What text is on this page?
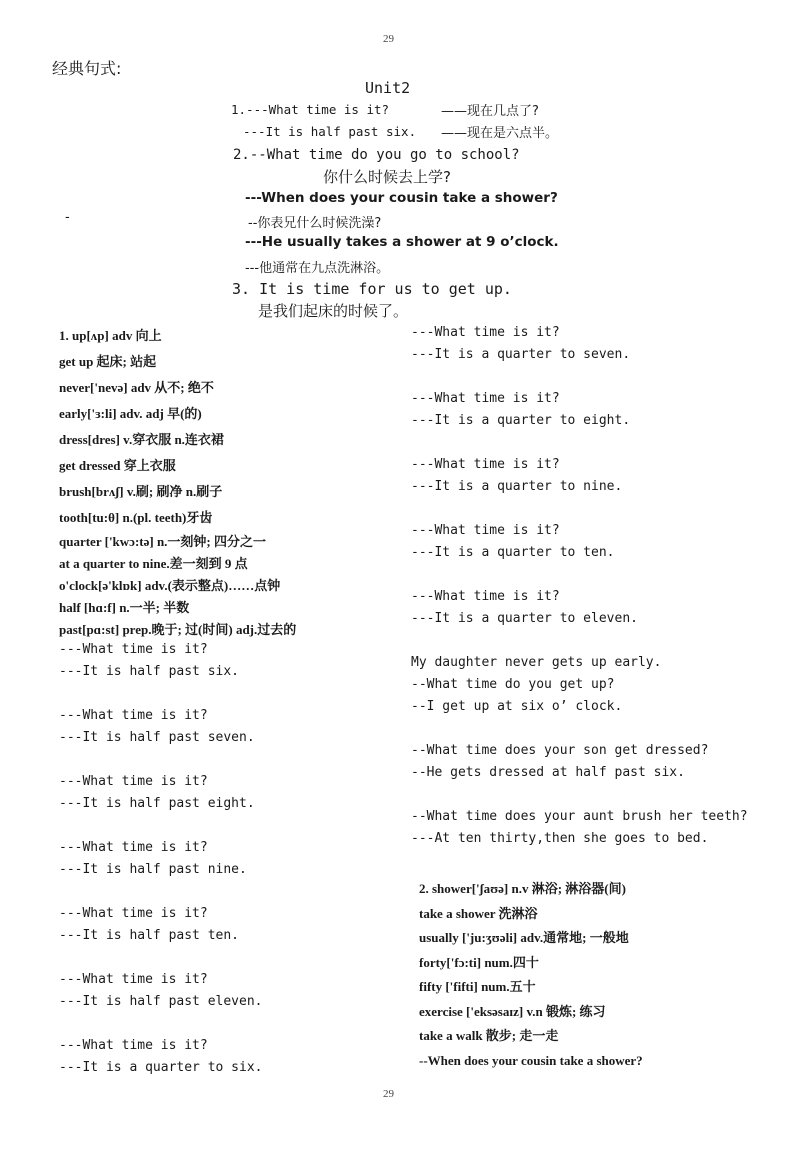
29
29
经典句式:
Unit2
1.---What time is it?	——现在几点了?
---It is half past six. ——现在是六点半。
2.--What time do you go to school?
你什么时候去上学?
---When does your cousin take a shower?
-	--你表兄什么时候洗澡?
---He usually takes a shower at 9 o’clock.
---他通常在九点洗淋浴。
3. It is time for us to get up.
是我们起床的时候了。
1. up[ʌp] adv 向上
get up 起床; 站起
never['nevə] adv 从不; 绝不
early['ɜ:li] adv. adj 早(的)
dress[dres] v.穿衣服 n.连衣裙
get dressed 穿上衣服
brush[brʌʃ] v.刷; 刷净 n.刷子
tooth[tu:θ] n.(pl. teeth)牙齿
quarter ['kwɔ:tə] n.一刻钟; 四分之一
at a quarter to nine.差一刻到 9 点
o'clock[ə'klɒk] adv.(表示整点)……点钟
half [hɑ:f] n.一半; 半数
past[pɑ:st] prep.晚于; 过(时间) adj.过去的
---What time is it?
---It is half past six.
---What time is it?
---It is half past seven.
---What time is it?
---It is half past eight.
---What time is it?
---It is half past nine.
---What time is it?
---It is half past ten.
---What time is it?
---It is half past eleven.
---What time is it?
---It is a quarter to six.
---What time is it?
---It is a quarter to seven.
---What time is it?
---It is a quarter to eight.
---What time is it?
---It is a quarter to nine.
---What time is it?
---It is a quarter to ten.
---What time is it?
---It is a quarter to eleven.
My daughter never gets up early.
--What time do you get up?
--I get up at six o’ clock.
--What time does your son get dressed?
--He gets dressed at half past six.
--What time does your aunt brush her teeth?
---At ten thirty,then she goes to bed.
2. shower['ʃaʊə] n.v 淋浴; 淋浴器(间)
take a shower 洗淋浴
usually ['ju:ʒʊəli] adv.通常地; 一般地
forty['fɔ:ti] num.四十
fifty ['fifti] num.五十
exercise ['eksəsaɪz] v.n 锻炼; 练习
take a walk 散步; 走一走
--When does your cousin take a shower?
